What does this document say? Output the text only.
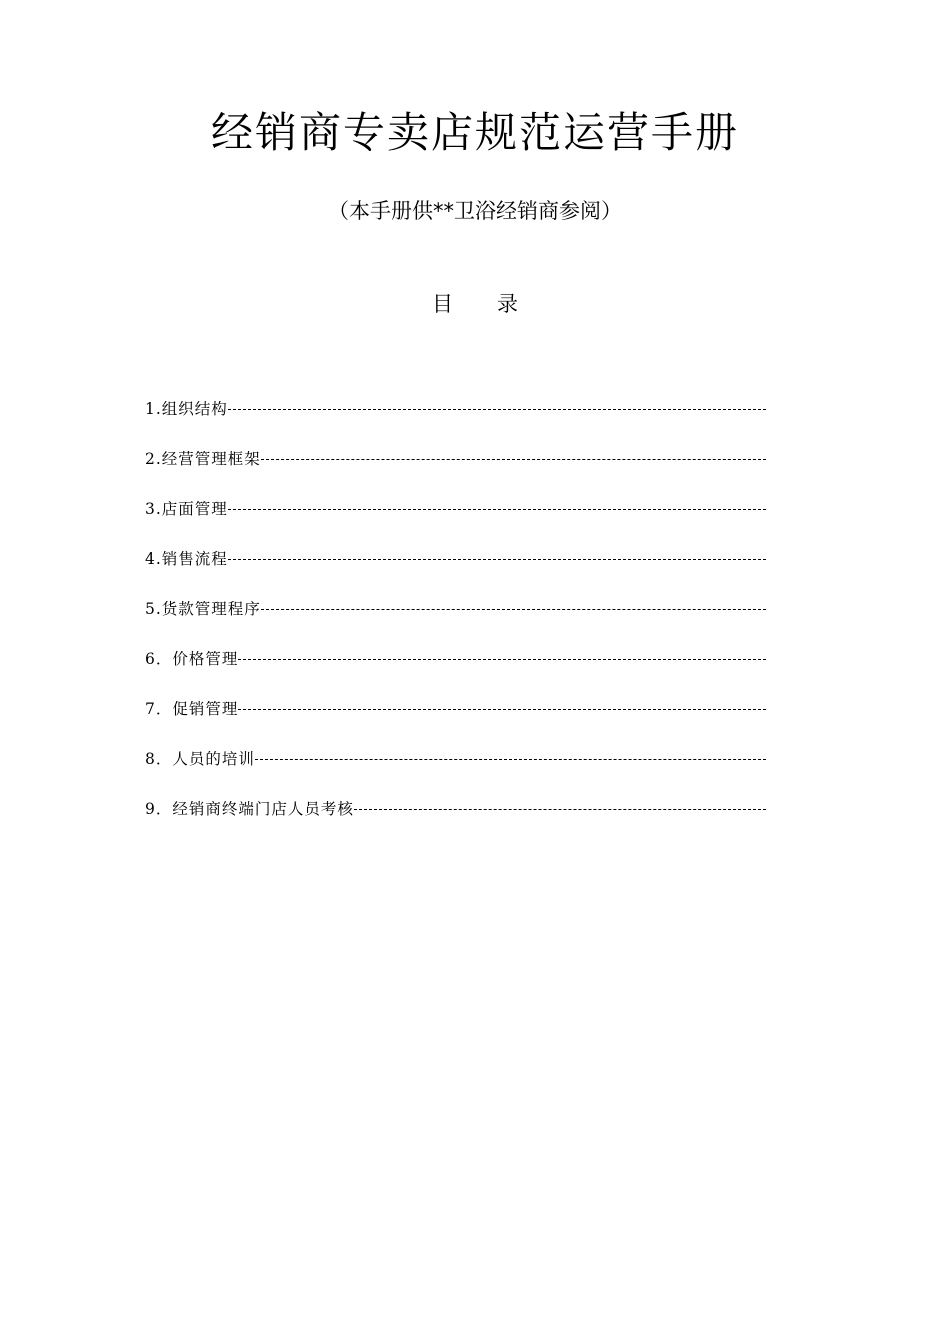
经销商专卖店规范运营手册
（本手册供**卫浴经销商参阅）
目 录
1.组织结构
2.经营管理框架
3.店面管理
4.销售流程
5.货款管理程序
6．价格管理
7．促销管理
8．人员的培训
9．经销商终端门店人员考核
